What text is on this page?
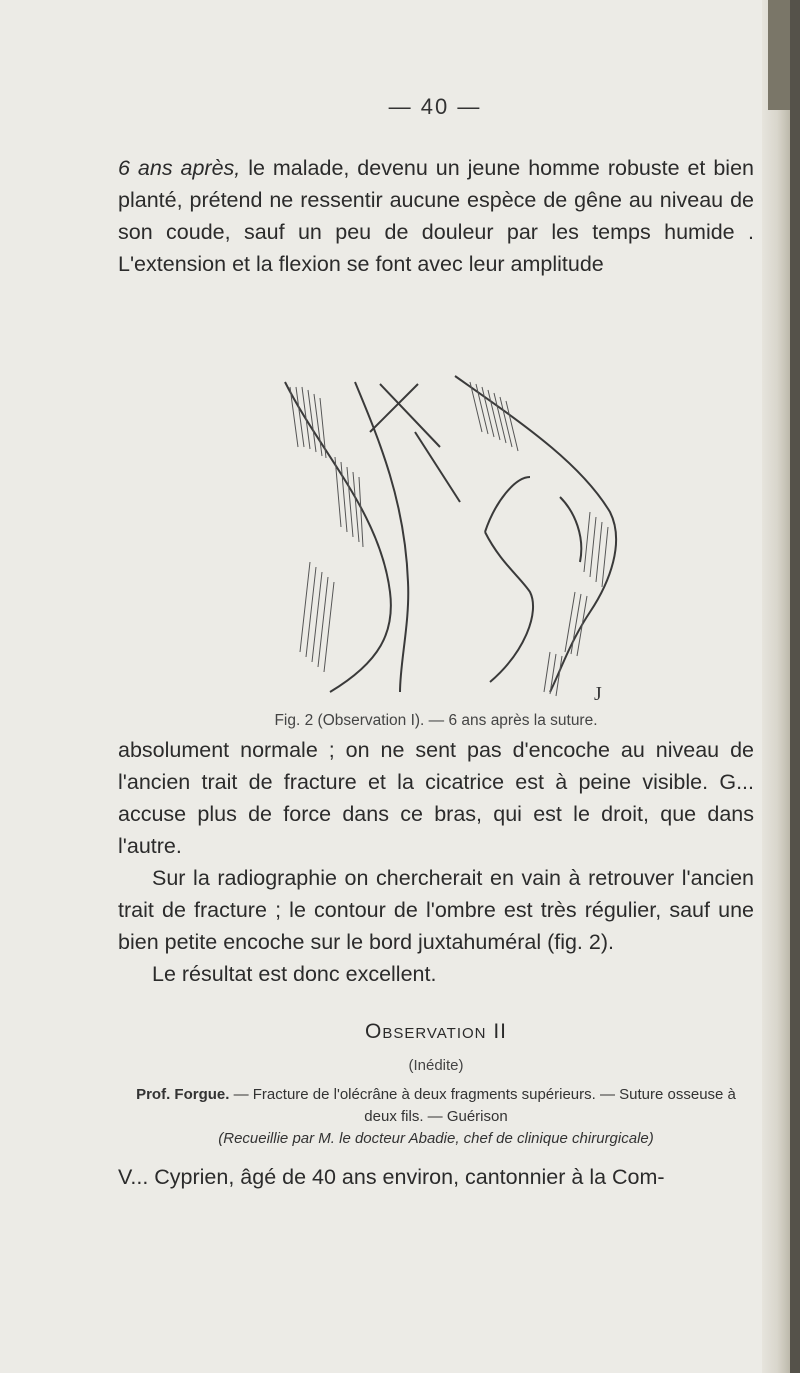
— 40 —

6 ans après, le malade, devenu un jeune homme robuste et bien planté, prétend ne ressentir aucune espèce de gêne au niveau de son coude, sauf un peu de douleur par les temps humide . L'extension et la flexion se font avec leur amplitude

J
Fig. 2 (Observation I). — 6 ans après la suture.

absolument normale ; on ne sent pas d'encoche au niveau de l'ancien trait de fracture et la cicatrice est à peine visible. G... accuse plus de force dans ce bras, qui est le droit, que dans l'autre.

Sur la radiographie on chercherait en vain à retrouver l'ancien trait de fracture ; le contour de l'ombre est très régulier, sauf une bien petite encoche sur le bord juxtahuméral (fig. 2).

Le résultat est donc excellent.

Observation II
(Inédite)
Prof. Forgue. — Fracture de l'olécrâne à deux fragments supérieurs. — Suture osseuse à deux fils. — Guérison
(Recueillie par M. le docteur Abadie, chef de clinique chirurgicale)
V... Cyprien, âgé de 40 ans environ, cantonnier à la Com-
